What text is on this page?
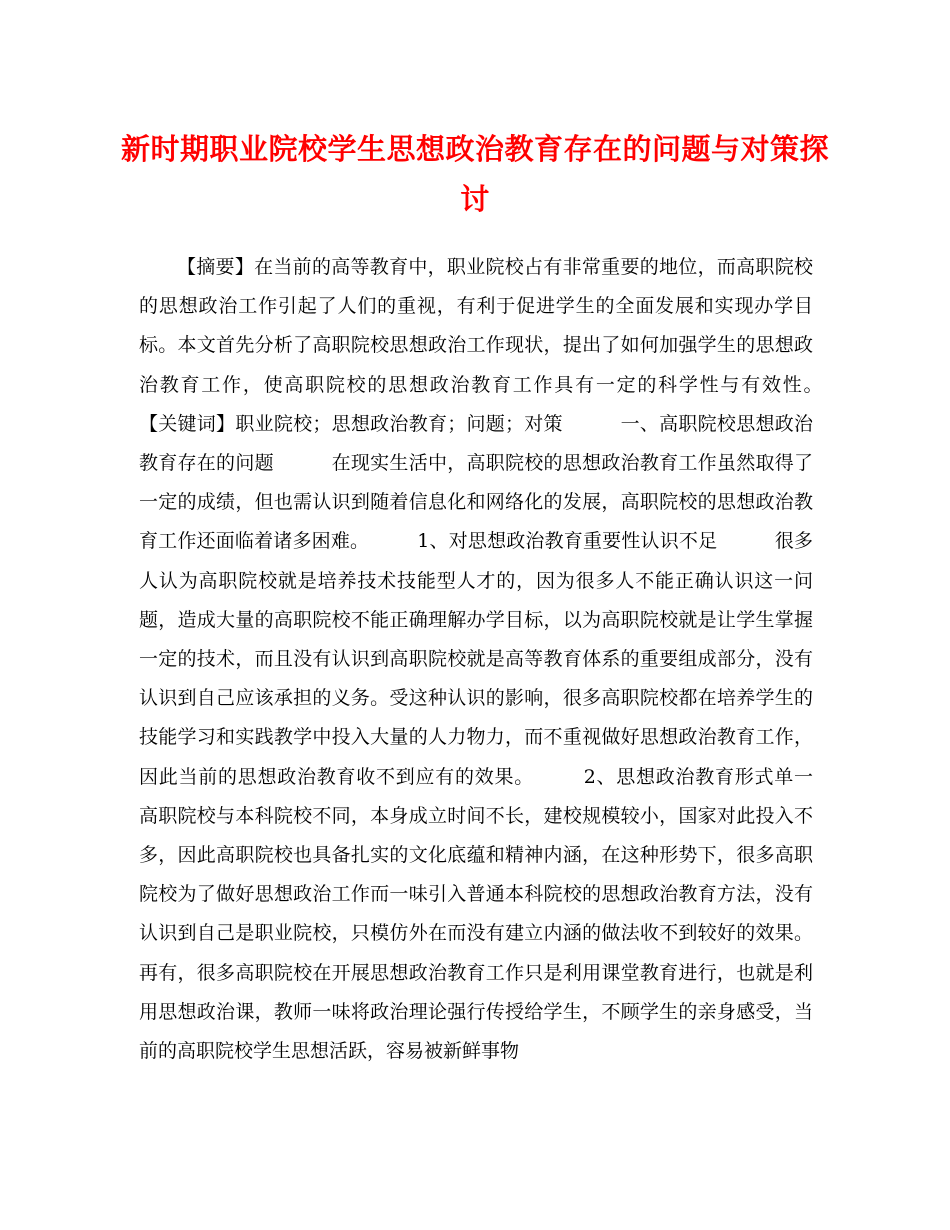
新时期职业院校学生思想政治教育存在的问题与对策探
讨

【摘要】在当前的高等教育中，职业院校占有非常重要的地位，而高职院校的思想政治工作引起了人们的重视，有利于促进学生的全面发展和实现办学目标。本文首先分析了高职院校思想政治工作现状，提出了如何加强学生的思想政治教育工作，使高职院校的思想政治教育工作具有一定的科学性与有效性。　　　　【关键词】职业院校；思想政治教育；问题；对策　　　一、高职院校思想政治教育存在的问题　　　在现实生活中，高职院校的思想政治教育工作虽然取得了一定的成绩，但也需认识到随着信息化和网络化的发展，高职院校的思想政治教育工作还面临着诸多困难。　　　1、对思想政治教育重要性认识不足　　　很多人认为高职院校就是培养技术技能型人才的，因为很多人不能正确认识这一问题，造成大量的高职院校不能正确理解办学目标，以为高职院校就是让学生掌握一定的技术，而且没有认识到高职院校就是高等教育体系的重要组成部分，没有认识到自己应该承担的义务。受这种认识的影响，很多高职院校都在培养学生的技能学习和实践教学中投入大量的人力物力，而不重视做好思想政治教育工作，因此当前的思想政治教育收不到应有的效果。　　　2、思想政治教育形式单一　　　高职院校与本科院校不同，本身成立时间不长，建校规模较小，国家对此投入不多，因此高职院校也具备扎实的文化底蕴和精神内涵，在这种形势下，很多高职院校为了做好思想政治工作而一味引入普通本科院校的思想政治教育方法，没有认识到自己是职业院校，只模仿外在而没有建立内涵的做法收不到较好的效果。再有，很多高职院校在开展思想政治教育工作只是利用课堂教育进行，也就是利用思想政治课，教师一味将政治理论强行传授给学生，不顾学生的亲身感受，当前的高职院校学生思想活跃，容易被新鲜事物
